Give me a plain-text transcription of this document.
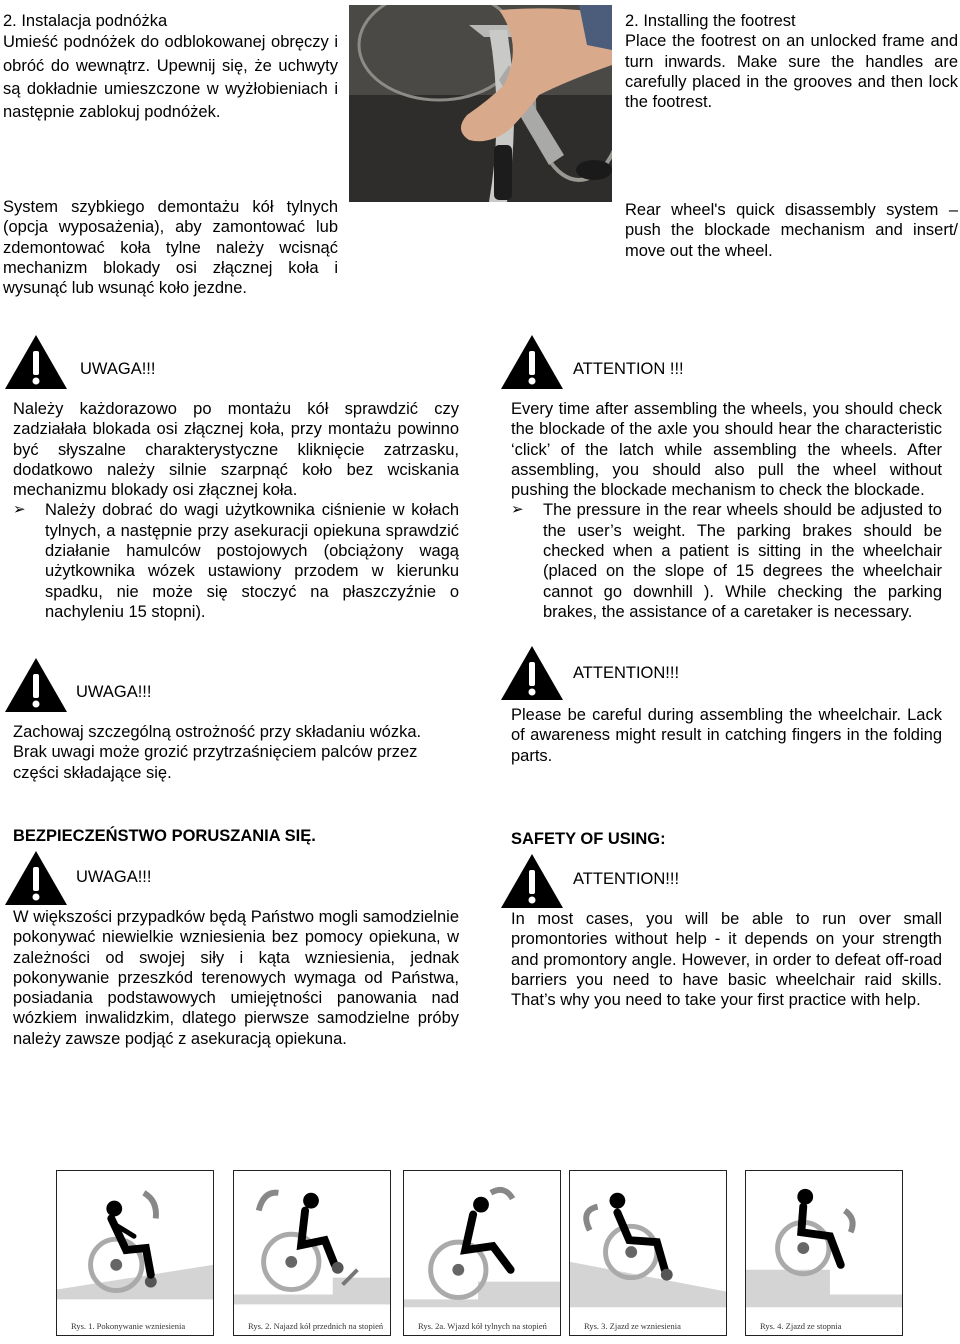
2. Instalacja podnóżka

Umieść podnóżek do odblokowanej obręczy i obróć do wewnątrz. Upewnij się, że uchwyty są dokładnie umieszczone w wyżłobieniach i następnie zablokuj podnóżek.

2. Installing the footrest

Place the footrest on an unlocked frame and turn inwards. Make sure the handles are carefully placed in the grooves and then lock the footrest.

System szybkiego demontażu kół tylnych (opcja wyposażenia), aby zamontować lub zdemontować koła tylne należy wcisnąć mechanizm blokady osi złącznej koła i wysunąć lub wsunąć koło jezdne.

Rear wheel's quick disassembly system – push the blockade mechanism and insert/ move out the wheel.

UWAGA!!!

Należy każdorazowo po montażu kół sprawdzić czy zadziałała blokada osi złącznej koła, przy montażu powinno być słyszalne charakterystyczne kliknięcie zatrzasku, dodatkowo należy silnie szarpnąć koło bez wciskania mechanizmu blokady osi złącznej koła.

➢ Należy dobrać do wagi użytkownika ciśnienie w kołach tylnych, a następnie przy asekuracji opiekuna sprawdzić działanie hamulców postojowych (obciążony wagą użytkownika wózek ustawiony przodem w kierunku spadku, nie może się stoczyć na płaszczyźnie o nachyleniu 15 stopni).
ATTENTION !!!

Every time after assembling the wheels, you should check the blockade of the axle you should hear the characteristic ‘click’ of the latch while assembling the wheels. After assembling, you should also pull the wheel without pushing the blockade mechanism to check the blockade.

➢ The pressure in the rear wheels should be adjusted to the user’s weight. The parking brakes should be checked when a patient is sitting in the wheelchair (placed on the slope of 15 degrees the wheelchair cannot go downhill ). While checking the parking brakes, the assistance of a caretaker is necessary.
UWAGA!!!

Zachowaj szczególną ostrożność przy składaniu wózka. Brak uwagi może grozić przytrzaśnięciem palców przez części składające się.

ATTENTION!!!

Please be careful during assembling the wheelchair. Lack of awareness might result in catching fingers in the folding parts.

BEZPIECZEŃSTWO PORUSZANIA SIĘ.
UWAGA!!!

W większości przypadków będą Państwo mogli samodzielnie pokonywać niewielkie wzniesienia bez pomocy opiekuna, w zależności od swojej siły i kąta wzniesienia, jednak pokonywanie przeszkód terenowych wymaga od Państwa, posiadania podstawowych umiejętności panowania nad wózkiem inwalidzkim, dlatego pierwsze samodzielne próby należy zawsze podjąć z asekuracją opiekuna.

SAFETY OF USING:
ATTENTION!!!

In most cases, you will be able to run over small promontories without help - it depends on your strength and promontory angle. However, in order to defeat off-road barriers you need to have basic wheelchair raid skills. That’s why you need to take your first practice with help.

Rys. 1. Pokonywanie wzniesienia	Rys. 2. Najazd kół przednich na stopień	Rys. 2a. Wjazd kół tylnych na stopień	Rys. 3. Zjazd ze wzniesienia	Rys. 4. Zjazd ze stopnia
